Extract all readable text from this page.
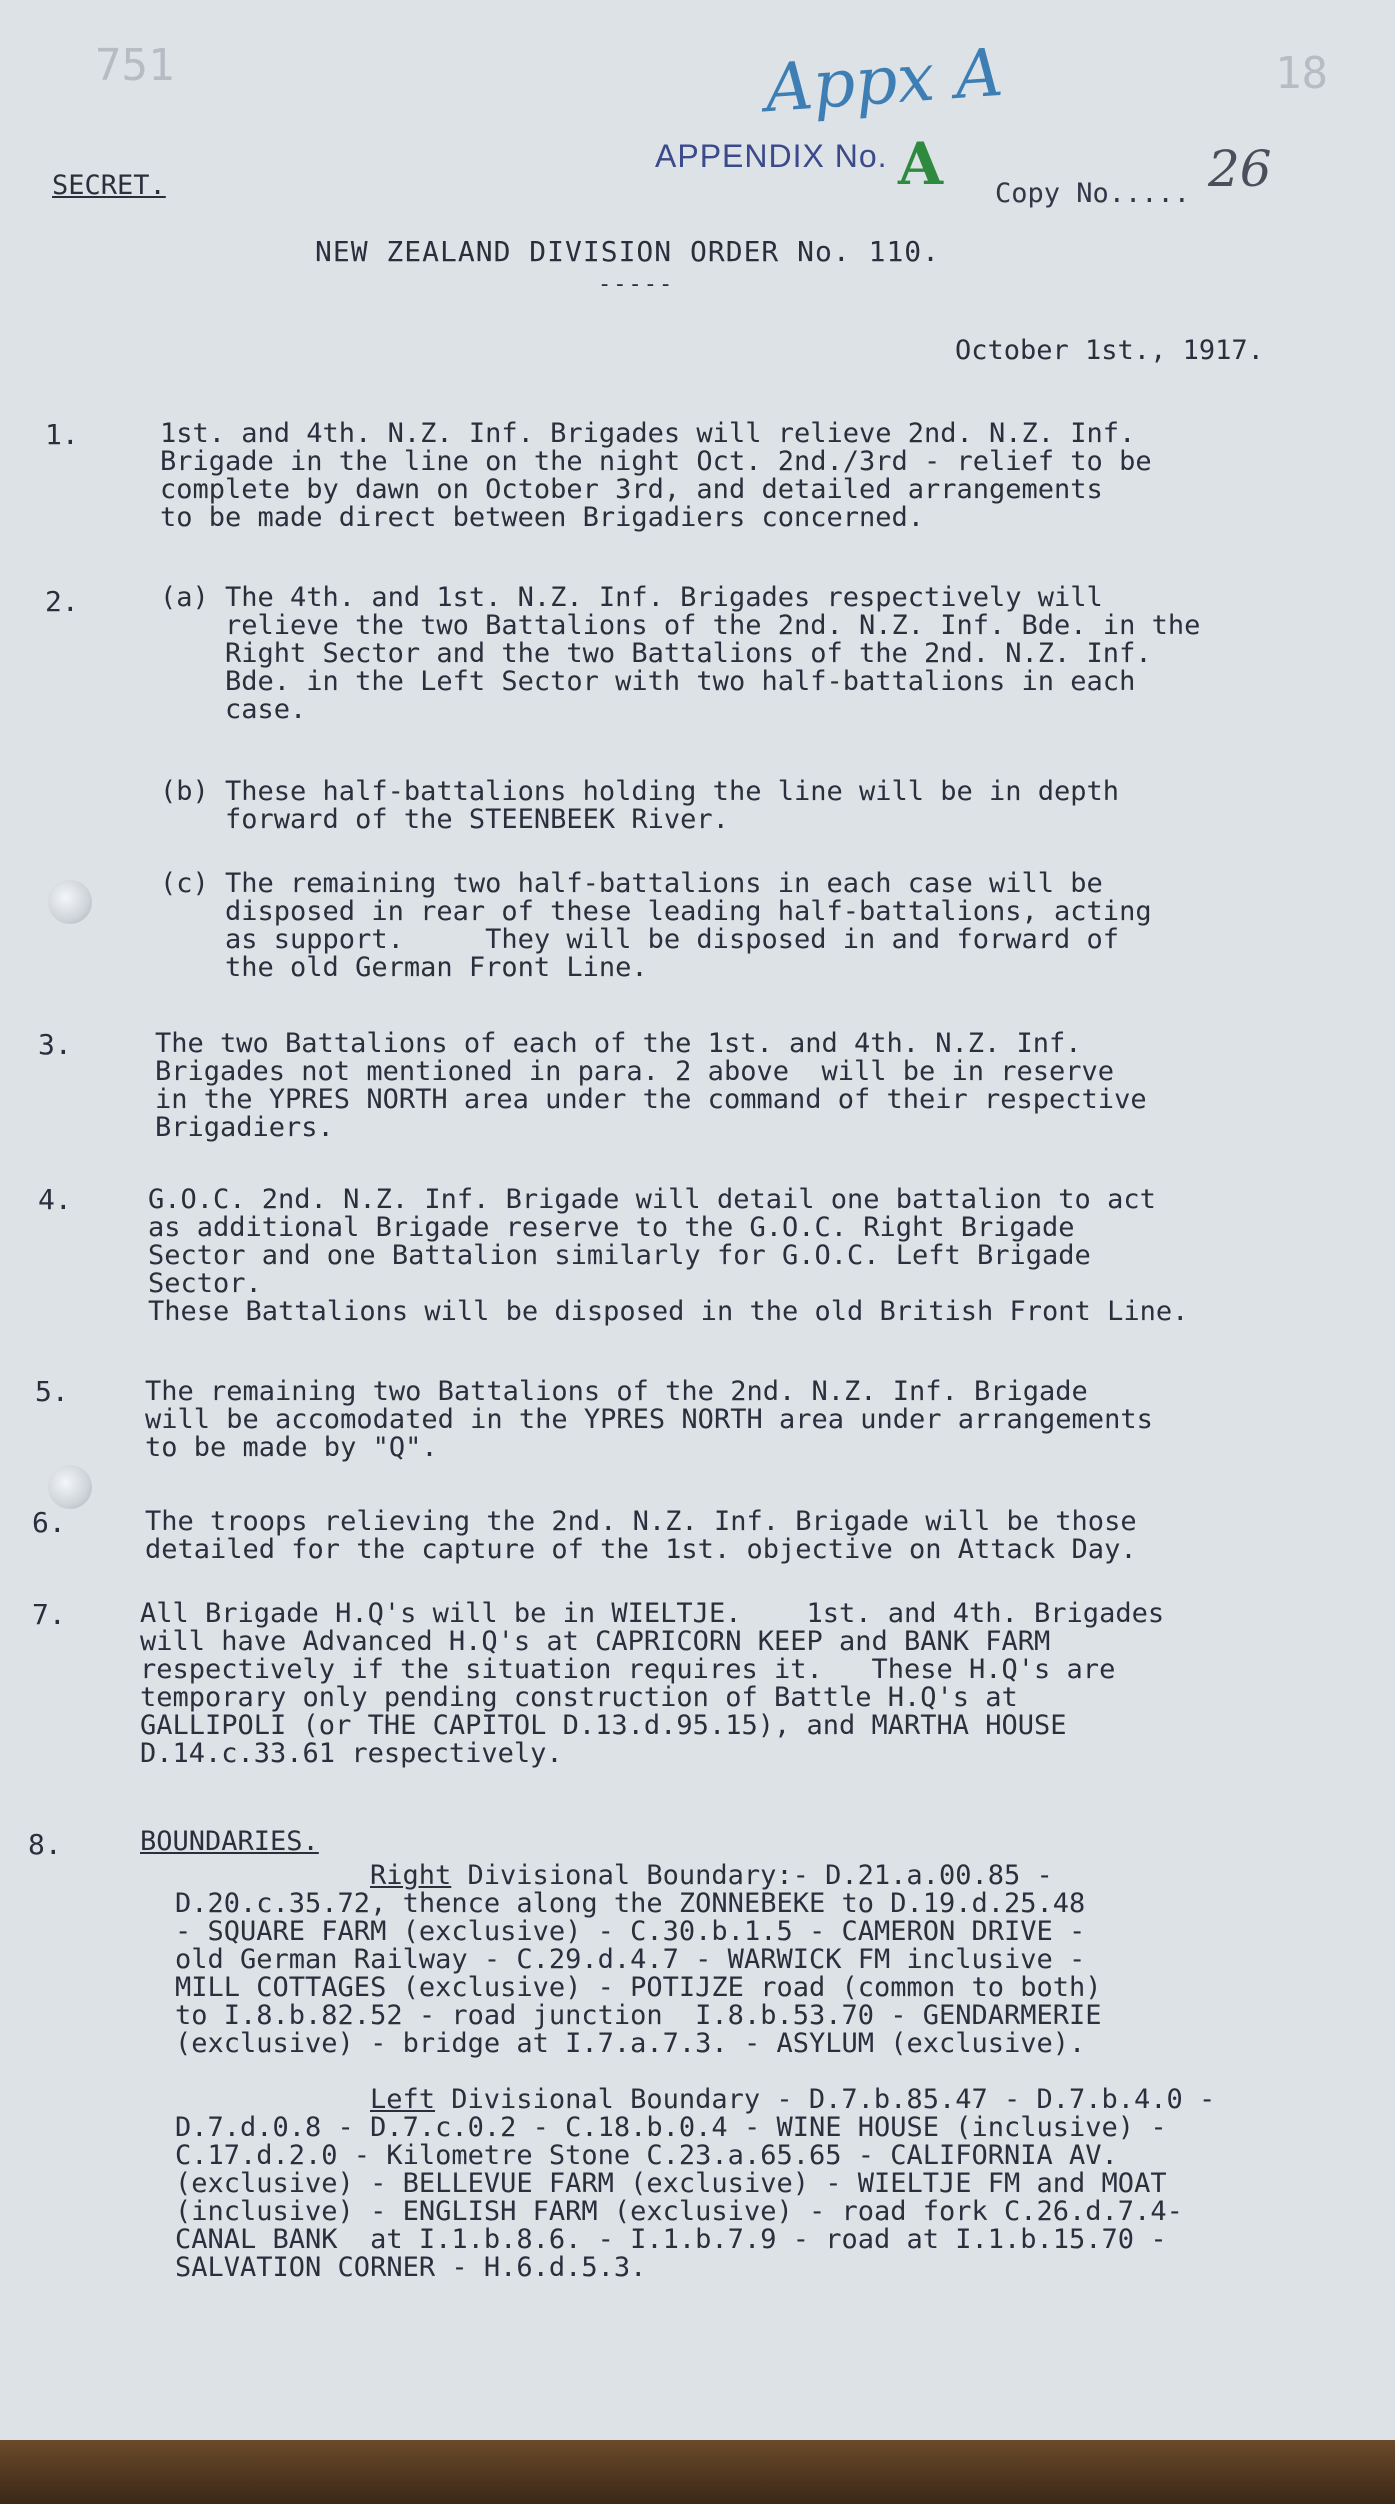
751	18
Appx A
APPENDIX No. A
SECRET.	Copy No..... 26
NEW ZEALAND DIVISION ORDER No. 110.
-----
October 1st., 1917.
1.	1st. and 4th. N.Z. Inf. Brigades will relieve 2nd. N.Z. Inf.
Brigade in the line on the night Oct. 2nd./3rd - relief to be
complete by dawn on October 3rd, and detailed arrangements
to be made direct between Brigadiers concerned.
2.	(a) The 4th. and 1st. N.Z. Inf. Brigades respectively will
relieve the two Battalions of the 2nd. N.Z. Inf. Bde. in the
Right Sector and the two Battalions of the 2nd. N.Z. Inf.
Bde. in the Left Sector with two half-battalions in each
case.
(b) These half-battalions holding the line will be in depth
forward of the STEENBEEK River.
(c) The remaining two half-battalions in each case will be
disposed in rear of these leading half-battalions, acting
as support.     They will be disposed in and forward of
the old German Front Line.
3.	The two Battalions of each of the 1st. and 4th. N.Z. Inf.
Brigades not mentioned in para. 2 above  will be in reserve
in the YPRES NORTH area under the command of their respective
Brigadiers.
4.	G.O.C. 2nd. N.Z. Inf. Brigade will detail one battalion to act
as additional Brigade reserve to the G.O.C. Right Brigade
Sector and one Battalion similarly for G.O.C. Left Brigade
Sector.
These Battalions will be disposed in the old British Front Line.
5.	The remaining two Battalions of the 2nd. N.Z. Inf. Brigade
will be accomodated in the YPRES NORTH area under arrangements
to be made by "Q".
6.	The troops relieving the 2nd. N.Z. Inf. Brigade will be those
detailed for the capture of the 1st. objective on Attack Day.
7.	All Brigade H.Q's will be in WIELTJE.    1st. and 4th. Brigades
will have Advanced H.Q's at CAPRICORN KEEP and BANK FARM
respectively if the situation requires it.   These H.Q's are
temporary only pending construction of Battle H.Q's at
GALLIPOLI (or THE CAPITOL D.13.d.95.15), and MARTHA HOUSE
D.14.c.33.61 respectively.
8.	BOUNDARIES.
Right Divisional Boundary:- D.21.a.00.85 -
D.20.c.35.72, thence along the ZONNEBEKE to D.19.d.25.48
- SQUARE FARM (exclusive) - C.30.b.1.5 - CAMERON DRIVE -
old German Railway - C.29.d.4.7 - WARWICK FM inclusive -
MILL COTTAGES (exclusive) - POTIJZE road (common to both)
to I.8.b.82.52 - road junction  I.8.b.53.70 - GENDARMERIE
(exclusive) - bridge at I.7.a.7.3. - ASYLUM (exclusive).
Left Divisional Boundary - D.7.b.85.47 - D.7.b.4.0 -
D.7.d.0.8 - D.7.c.0.2 - C.18.b.0.4 - WINE HOUSE (inclusive) -
C.17.d.2.0 - Kilometre Stone C.23.a.65.65 - CALIFORNIA AV.
(exclusive) - BELLEVUE FARM (exclusive) - WIELTJE FM and MOAT
(inclusive) - ENGLISH FARM (exclusive) - road fork C.26.d.7.4-
CANAL BANK  at I.1.b.8.6. - I.1.b.7.9 - road at I.1.b.15.70 -
SALVATION CORNER - H.6.d.5.3.
